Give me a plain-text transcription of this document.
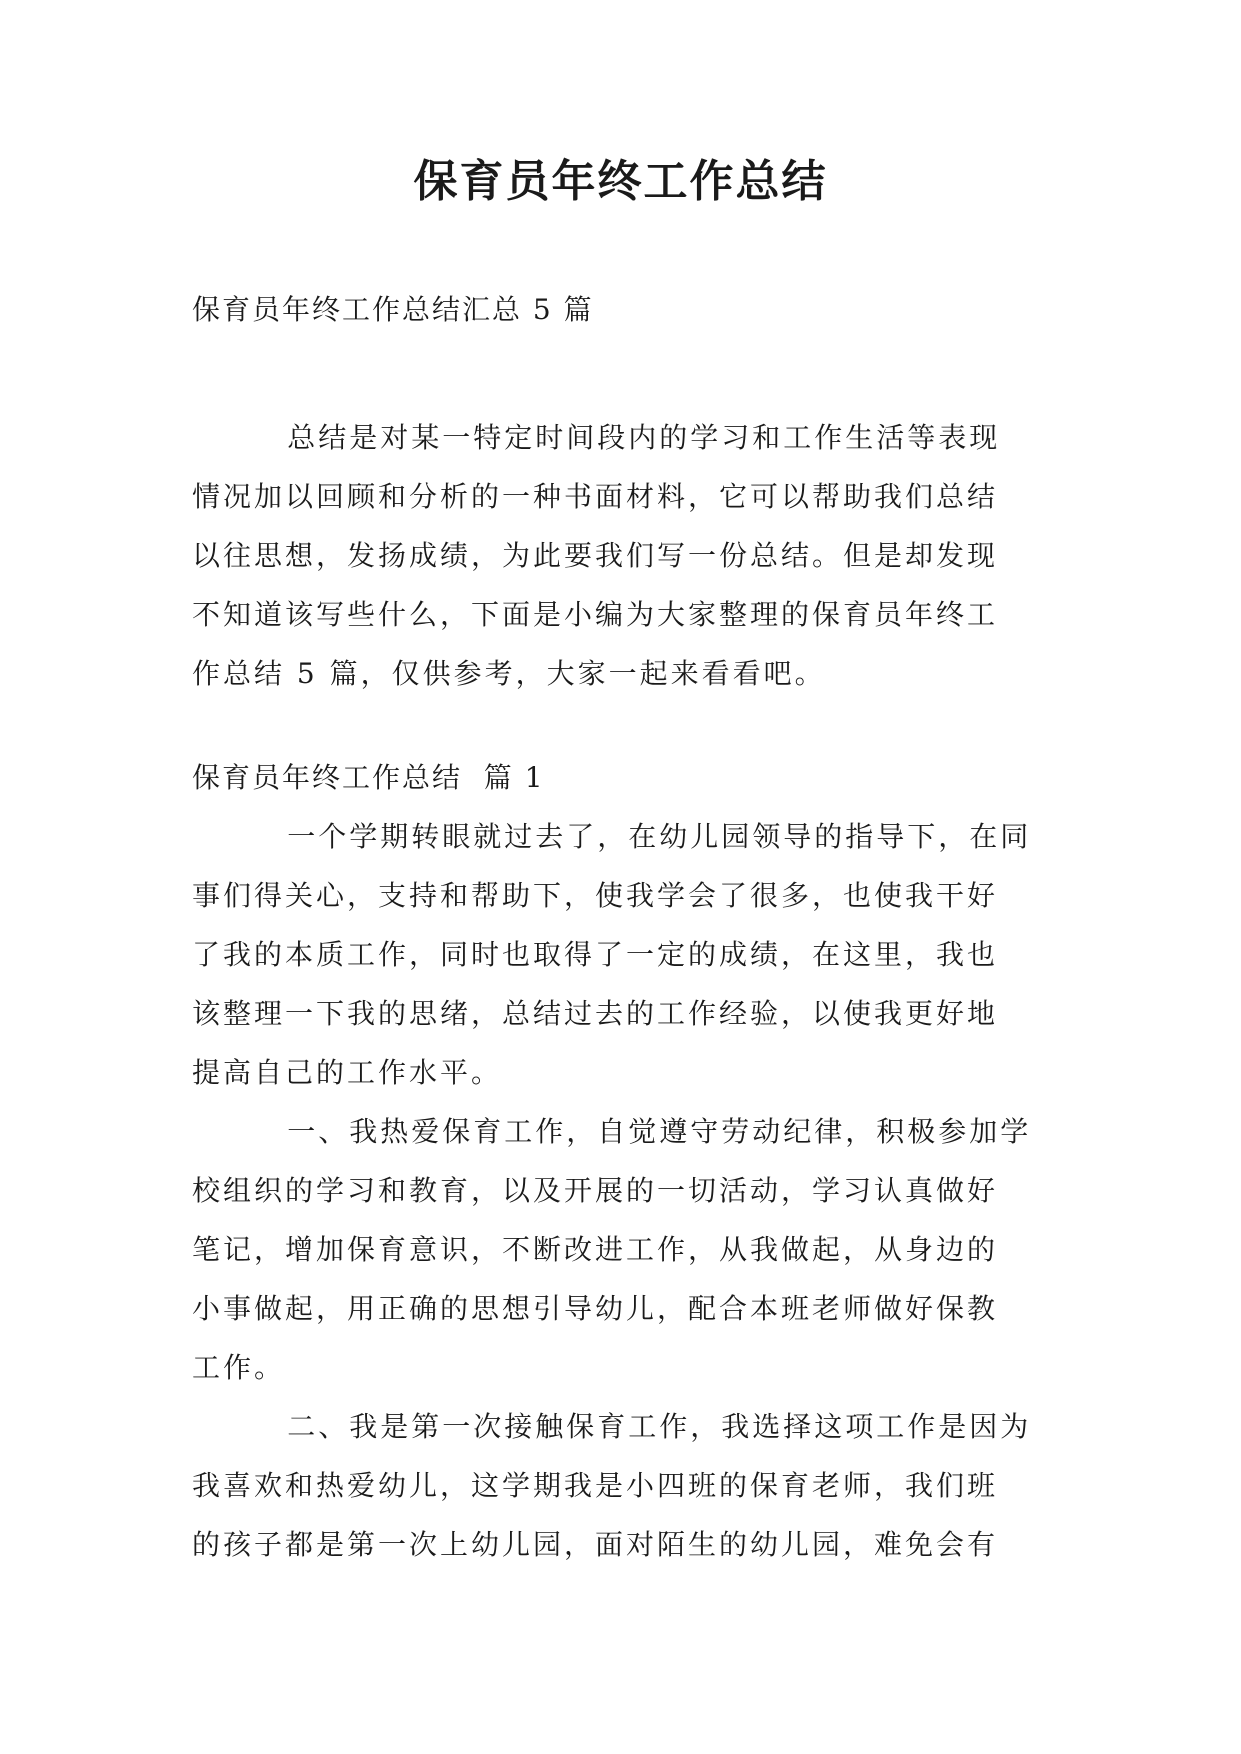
保育员年终工作总结

保育员年终工作总结汇总 5 篇

总结是对某一特定时间段内的学习和工作生活等表现
情况加以回顾和分析的一种书面材料，它可以帮助我们总结
以往思想，发扬成绩，为此要我们写一份总结。但是却发现
不知道该写些什么，下面是小编为大家整理的保育员年终工
作总结 5 篇，仅供参考，大家一起来看看吧。

保育员年终工作总结  篇 1

一个学期转眼就过去了，在幼儿园领导的指导下，在同
事们得关心，支持和帮助下，使我学会了很多，也使我干好
了我的本质工作，同时也取得了一定的成绩，在这里，我也
该整理一下我的思绪，总结过去的工作经验，以使我更好地
提高自己的工作水平。

一、我热爱保育工作，自觉遵守劳动纪律，积极参加学
校组织的学习和教育，以及开展的一切活动，学习认真做好
笔记，增加保育意识，不断改进工作，从我做起，从身边的
小事做起，用正确的思想引导幼儿，配合本班老师做好保教
工作。

二、我是第一次接触保育工作，我选择这项工作是因为
我喜欢和热爱幼儿，这学期我是小四班的保育老师，我们班
的孩子都是第一次上幼儿园，面对陌生的幼儿园，难免会有
